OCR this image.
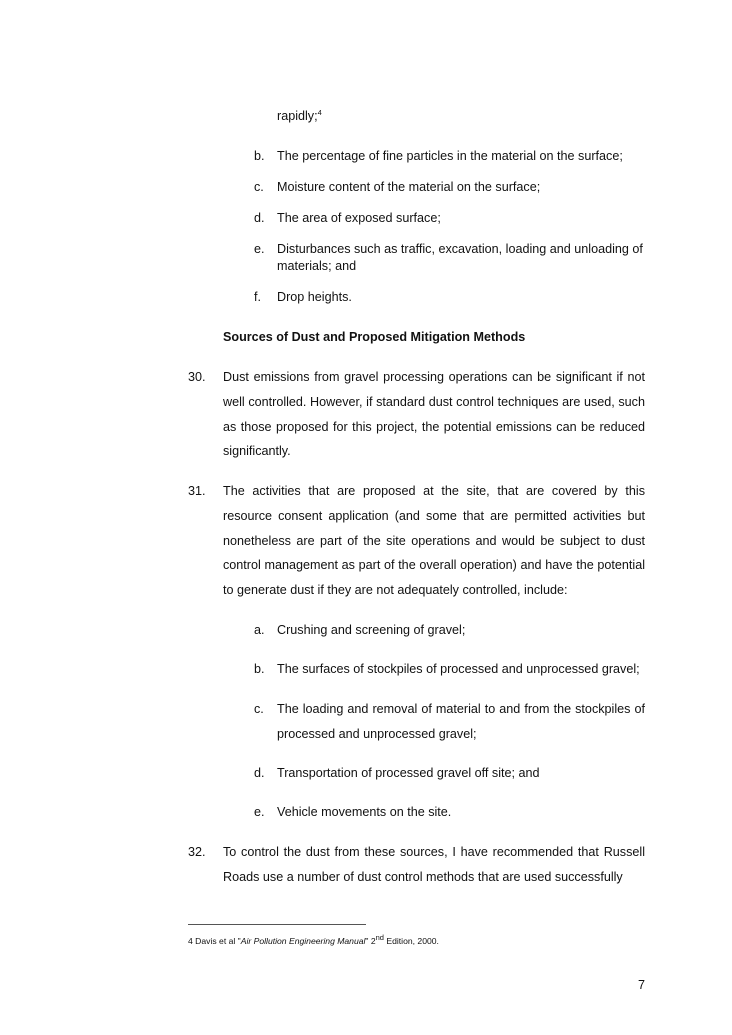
rapidly;$^4$

b. The percentage of fine particles in the material on the surface;
c. Moisture content of the material on the surface;
d. The area of exposed surface;
e. Disturbances such as traffic, excavation, loading and unloading of
materials; and
f. Drop heights.
Sources of Dust and Proposed Mitigation Methods
30. Dust emissions from gravel processing operations can be significant if not well controlled. However, if standard dust control techniques are used, such as those proposed for this project, the potential emissions can be reduced significantly.

31. The activities that are proposed at the site, that are covered by this resource consent application (and some that are permitted activities but nonetheless are part of the site operations and would be subject to dust control management as part of the overall operation) and have the potential to generate dust if they are not adequately controlled, include:

a. Crushing and screening of gravel;
b. The surfaces of stockpiles of processed and unprocessed gravel;
c. The loading and removal of material to and from the stockpiles of processed and unprocessed gravel;

d. Transportation of processed gravel off site; and
e. Vehicle movements on the site.
32. To control the dust from these sources, I have recommended that Russell Roads use a number of dust control methods that are used successfully

4 Davis et al "Air Pollution Engineering Manual" 2nd Edition, 2000.
7
